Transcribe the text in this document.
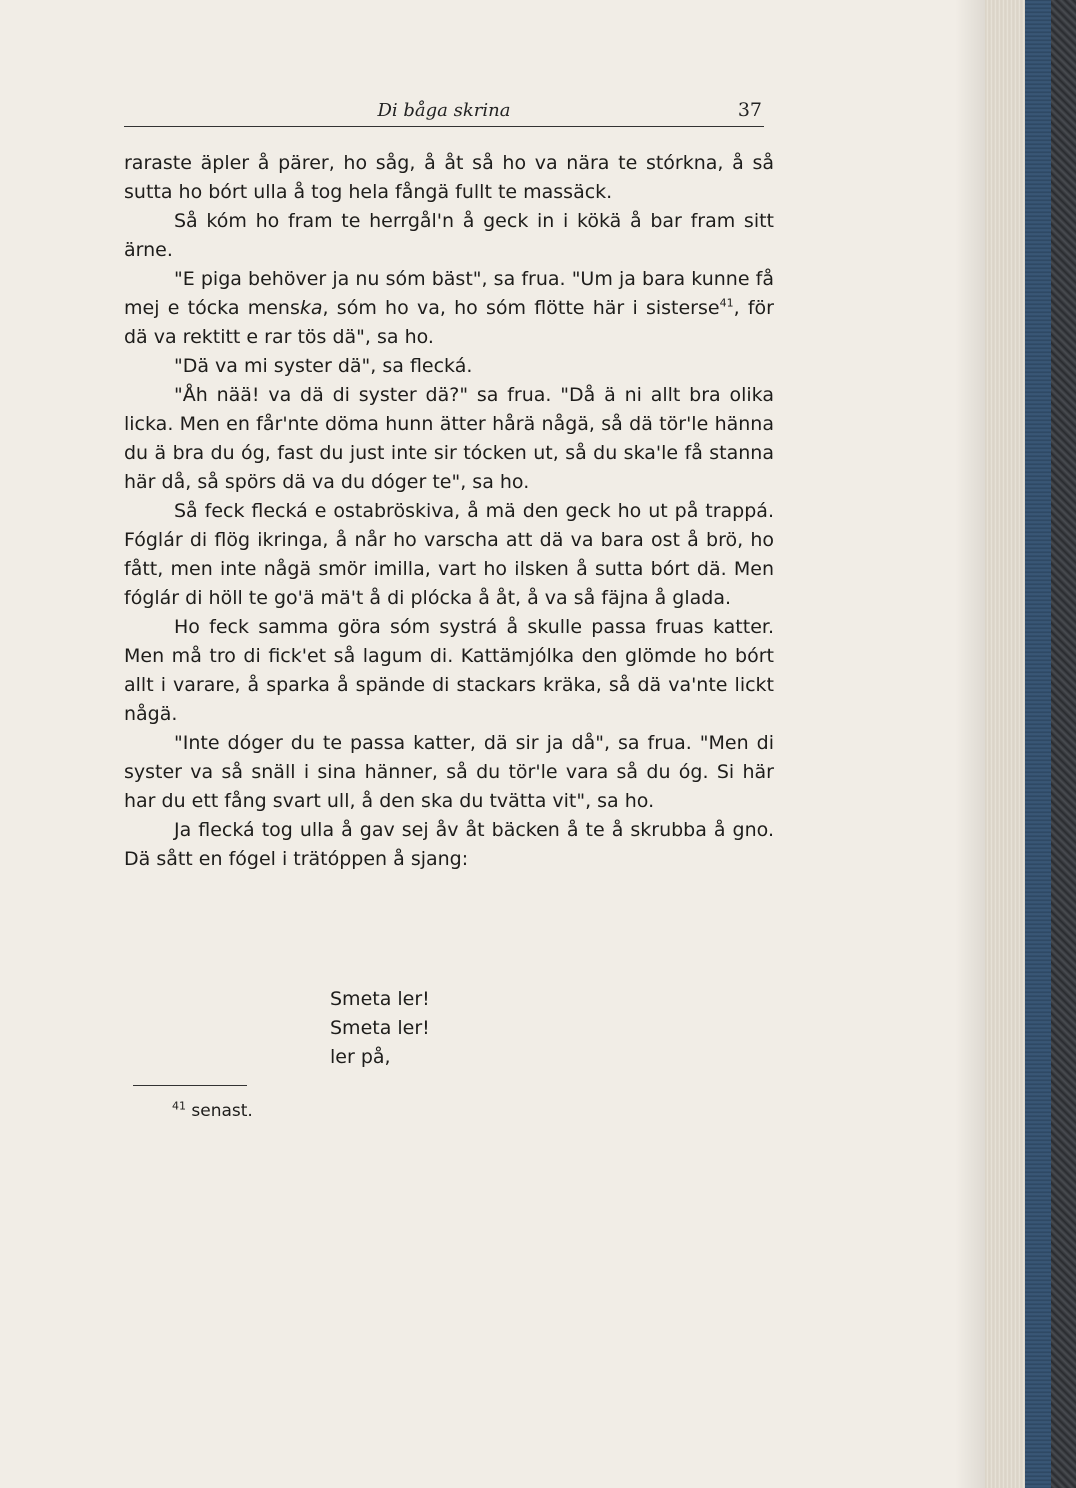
Di båga skrina	37

raraste äpler å pärer, ho såg, å åt så ho va nära te stórkna, å så sutta ho bórt ulla å tog hela fångä fullt te massäck.

Så kóm ho fram te herrgål'n å geck in i kökä å bar fram sitt ärne.

"E piga behöver ja nu sóm bäst", sa frua. "Um ja bara kunne få mej e tócka menska, sóm ho va, ho sóm flötte här i sisterse$^{41}$, för dä va rektitt e rar tös dä", sa ho.

"Dä va mi syster dä", sa flecká.

"Åh nää! va dä di syster dä?" sa frua. "Då ä ni allt bra olika licka. Men en får'nte döma hunn ätter hårä någä, så dä tör'le hänna du ä bra du óg, fast du just inte sir tócken ut, så du ska'le få stanna här då, så spörs dä va du dóger te", sa ho.

Så feck flecká e ostabröskiva, å mä den geck ho ut på trappá. Fóglár di flög ikringa, å når ho varscha att dä va bara ost å brö, ho fått, men inte någä smör imilla, vart ho ilsken å sutta bórt dä. Men fóglár di höll te go'ä mä't å di plócka å åt, å va så fäjna å glada.

Ho feck samma göra sóm systrá å skulle passa fruas katter. Men må tro di fick'et så lagum di. Kattämjólka den glömde ho bórt allt i varare, å sparka å spände di stackars kräka, så dä va'nte lickt någä.

"Inte dóger du te passa katter, dä sir ja då", sa frua. "Men di syster va så snäll i sina hänner, så du tör'le vara så du óg. Si här har du ett fång svart ull, å den ska du tvätta vit", sa ho.

Ja flecká tog ulla å gav sej åv åt bäcken å te å skrubba å gno. Dä sått en fógel i trätóppen å sjang:

Smeta ler!
Smeta ler!
ler på,
$^{41}$ senast.
